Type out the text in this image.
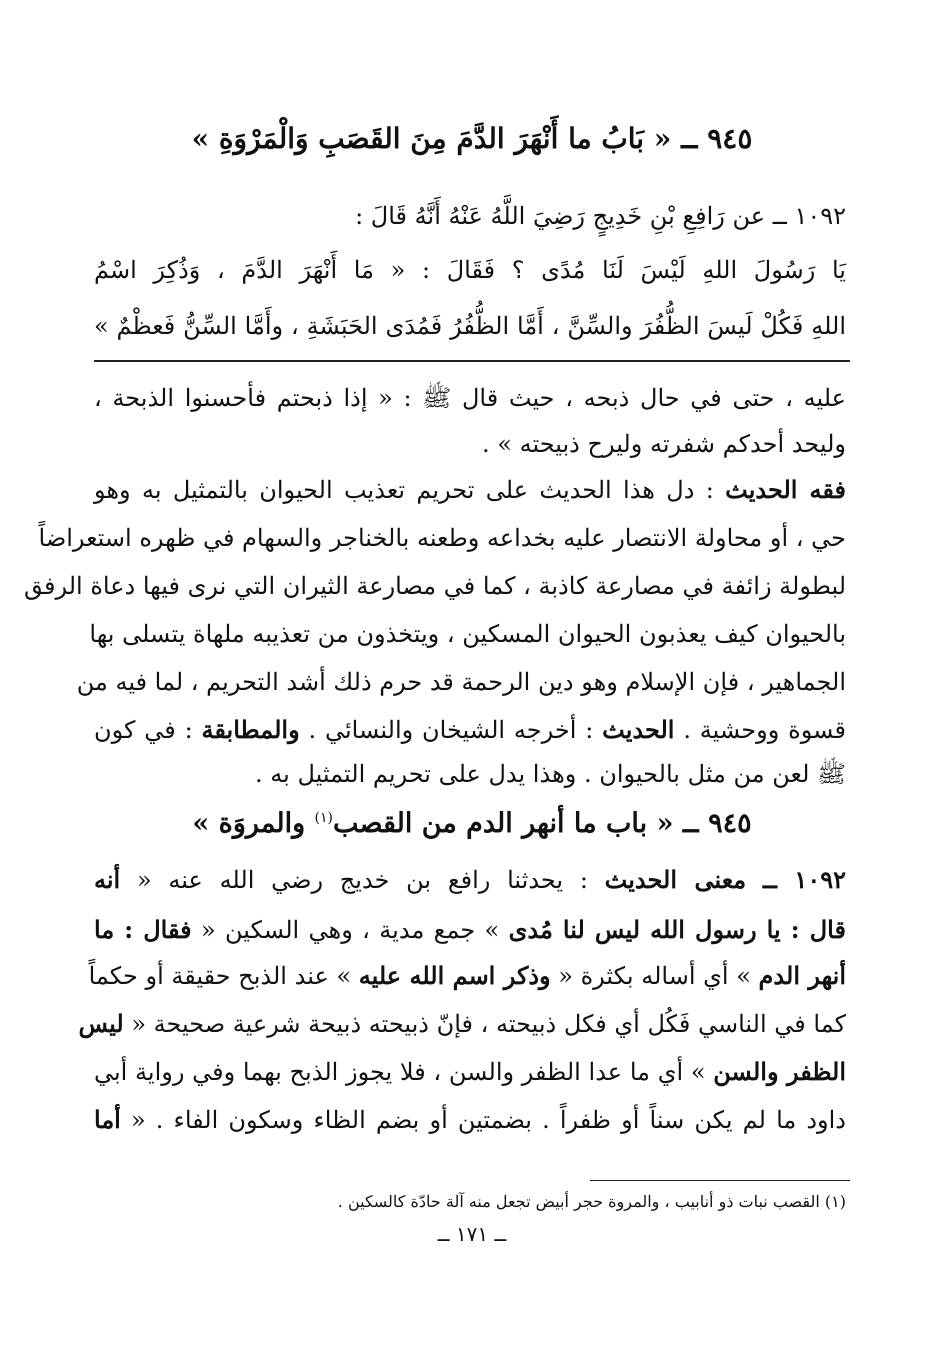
٩٤٥ ــ « بَابُ ما أَنْهَرَ الدَّمَ مِنَ القَصَبِ وَالْمَرْوَةِ »
١٠٩٢ ــ عن رَافِعِ بْنِ خَدِيجٍ رَضِيَ اللَّهُ عَنْهُ أَنَّهُ قَالَ :
يَا رَسُولَ اللهِ لَيْسَ لَنَا مُدًى ؟ فَقَالَ : « مَا أَنْهَرَ الدَّمَ ، وَذُكِرَ اسْمُ
اللهِ فَكُلْ لَيسَ الظُّفُرَ والسِّنَّ ، أَمَّا الظُّفُرُ فَمُدَى الحَبَشَةِ ، وأَمَّا السِّنُّ فَعظْمٌ »
عليه ، حتى في حال ذبحه ، حيث قال ﷺ : « إذا ذبحتم فأحسنوا الذبحة ،
وليحد أحدكم شفرته وليرح ذبيحته » .
فقه الحديث : دل هذا الحديث على تحريم تعذيب الحيوان بالتمثيل به وهو
حي ، أو محاولة الانتصار عليه بخداعه وطعنه بالخناجر والسهام في ظهره استعراضاً
لبطولة زائفة في مصارعة كاذبة ، كما في مصارعة الثيران التي نرى فيها دعاة الرفق
بالحيوان كيف يعذبون الحيوان المسكين ، ويتخذون من تعذيبه ملهاة يتسلى بها
الجماهير ، فإن الإسلام وهو دين الرحمة قد حرم ذلك أشد التحريم ، لما فيه من
قسوة ووحشية . الحديث : أخرجه الشيخان والنسائي . والمطابقة : في كون
ﷺ لعن من مثل بالحيوان . وهذا يدل على تحريم التمثيل به .
٩٤٥ ــ « باب ما أنهر الدم من القصب$^{(١)}$ والمروَة »
١٠٩٢ ــ معنى الحديث : يحدثنا رافع بن خديج رضي الله عنه « أنه
قال : يا رسول الله ليس لنا مُدى » جمع مدية ، وهي السكين « فقال : ما
أنهر الدم » أي أساله بكثرة « وذكر اسم الله عليه » عند الذبح حقيقة أو حكماً
كما في الناسي فَكُل أي فكل ذبيحته ، فإنّ ذبيحته ذبيحة شرعية صحيحة « ليس
الظفر والسن » أي ما عدا الظفر والسن ، فلا يجوز الذبح بهما وفي رواية أبي
داود ما لم يكن سناً أو ظفراً . بضمتين أو بضم الظاء وسكون الفاء . « أما
(١) القصب نبات ذو أنابيب ، والمروة حجر أبيض تجعل منه آلة حادّة كالسكين .
ــ ١٧١ ــ
